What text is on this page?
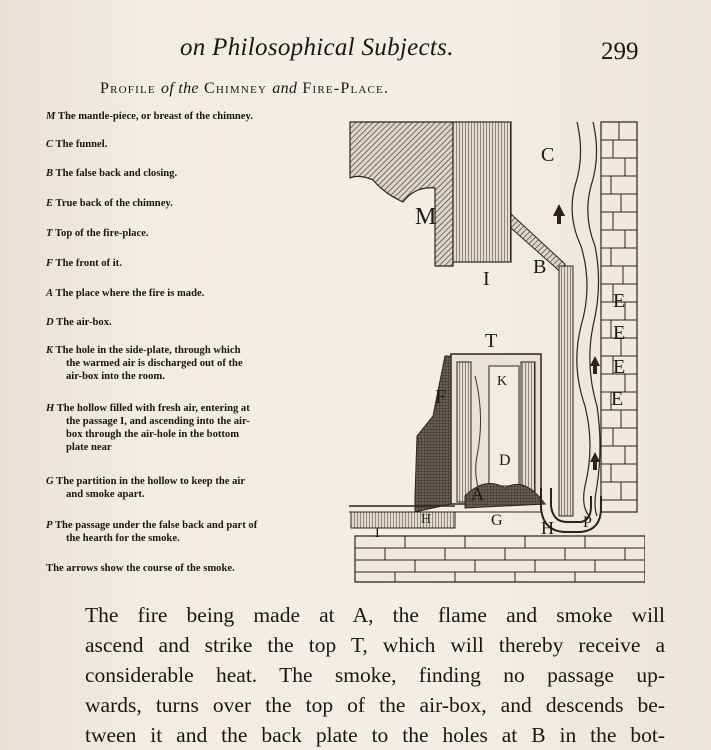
on Philosophical Subjects.	299
Profile of the Chimney and Fire-Place.
M The mantle-piece, or breast of the chimney.
C The funnel.
B The false back and closing.
E True back of the chimney.
T Top of the fire-place.
F The front of it.
A The place where the fire is made.
D The air-box.
K The hole in the side-plate, through which
the warmed air is discharged out of the
air-box into the room.
H The hollow filled with fresh air, entering at
the passage I, and ascending into the air-
box through the air-hole in the bottom
plate near
G The partition in the hollow to keep the air
and smoke apart.
P The passage under the false back and part of
the hearth for the smoke.
The arrows show the course of the smoke.
C
M
B
I
T
K
F
D
A
H	G H P
E
E
E
E
I
The fire being made at A, the flame and smoke will
ascend and strike the top T, which will thereby receive a
considerable heat. The smoke, finding no passage up-
wards, turns over the top of the air-box, and descends be-
tween it and the back plate to the holes at B in the bot-
